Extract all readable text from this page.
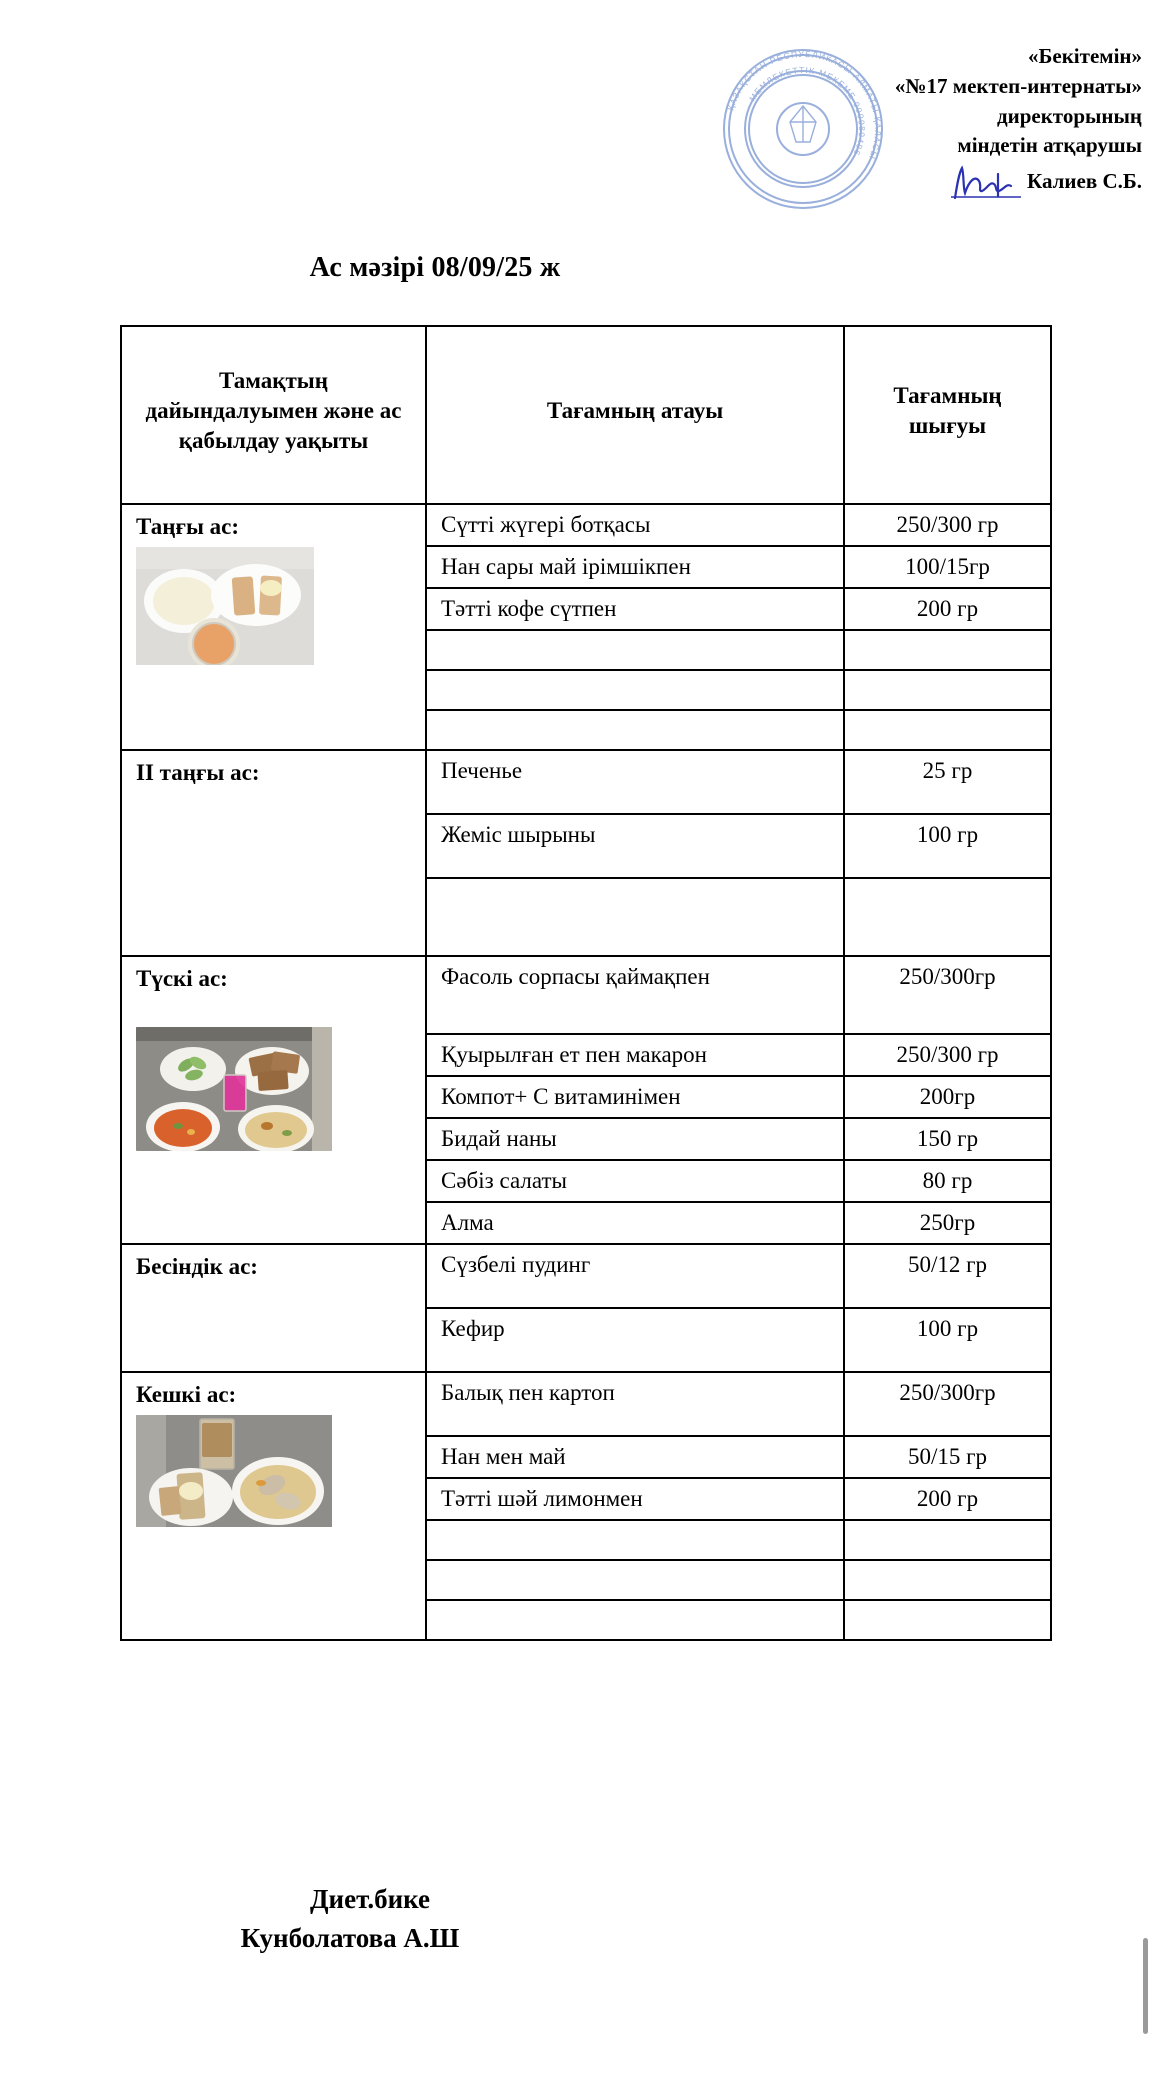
ҚАЗАҚСТАН РЕСПУБЛИКАСЫ АЛМАТЫ ҚАЛАСЫ
МЕМЛЕКЕТТІК МЕКЕМЕ 000080496
«Бекітемін»
«№17 мектеп-интернаты»
директорының
міндетін атқарушы
Калиев С.Б.
Ас мәзірі 08/09/25 ж
Тамақтың дайындалуымен және ас қабылдау уақыты	Тағамның атауы	Тағамның шығуы

Таңғы ас:	Сүтті жүгері ботқасы	250/300 гр
	Нан сары май ірімшікпен	100/15гр
	Тәтті кофе сүтпен	200 гр

II таңғы ас:	Печенье	25 гр
	Жеміс шырыны	100 гр

Түскі ас:	Фасоль сорпасы қаймақпен	250/300гр
	Қуырылған ет пен макарон	250/300 гр
	Компот+ С витаминімен	200гр
	Бидай наны	150 гр
	Сәбіз салаты	80 гр
	Алма	250гр

Бесіндік ас:	Сүзбелі пудинг	50/12 гр
	Кефир	100 гр

Кешкі ас:	Балық пен картоп	250/300гр
	Нан мен май	50/15 гр
	Тәтті шәй лимонмен	200 гр

Диет.бике
Кунболатова А.Ш
